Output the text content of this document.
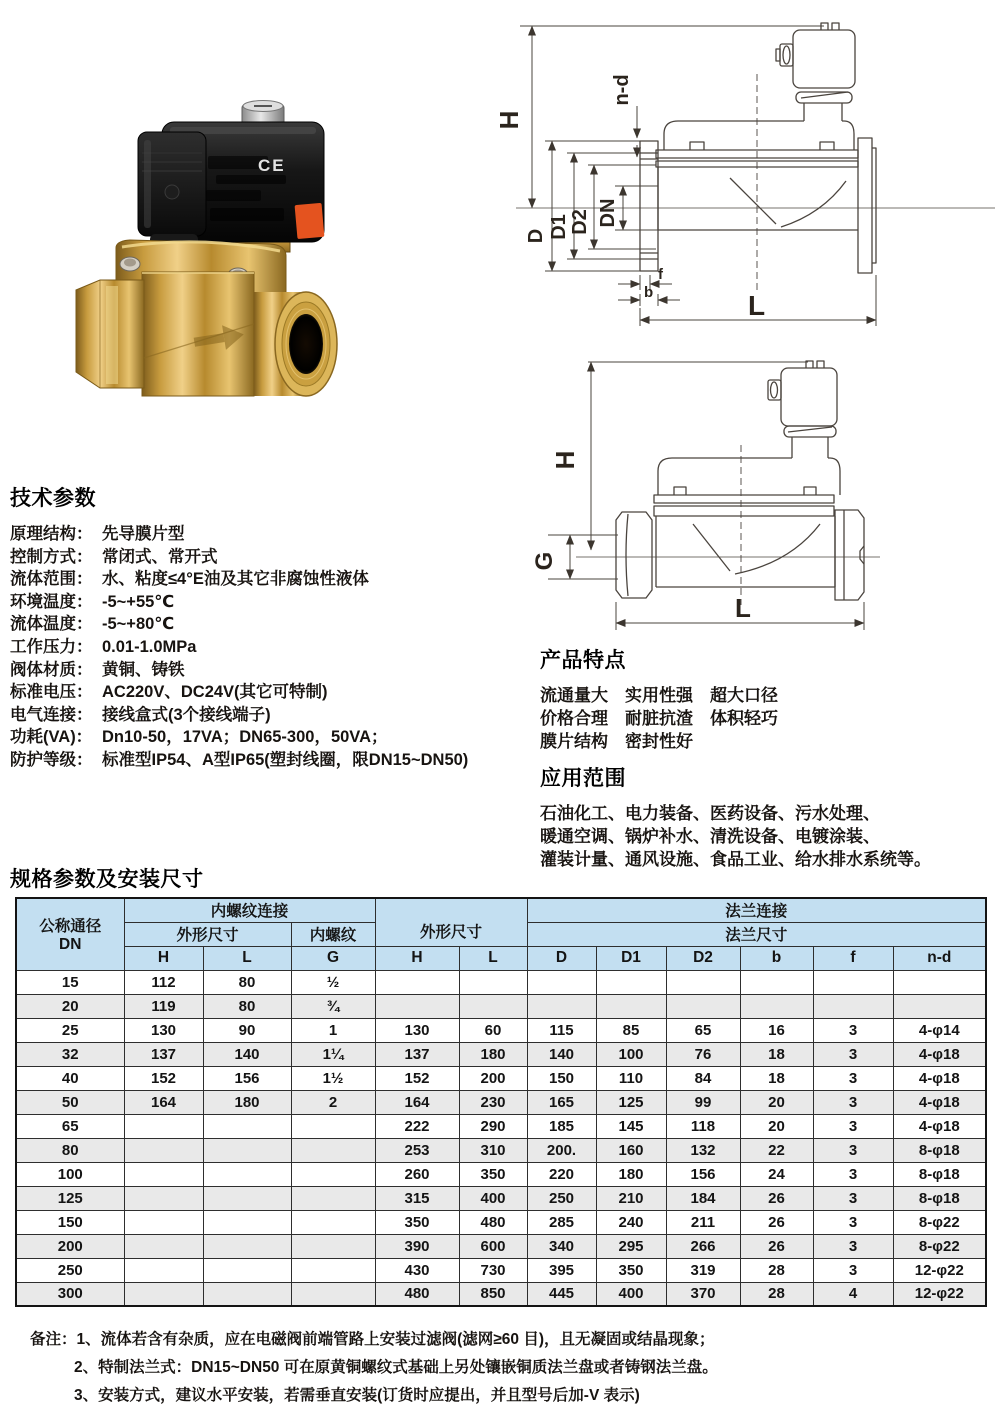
CE
H
n-d
D D1 D2 DN
f
b	L
H
G
L
技术参数
原理结构： 先导膜片型
控制方式： 常闭式、常开式
流体范围： 水、粘度≤4°E油及其它非腐蚀性液体
环境温度： -5~+55℃
流体温度： -5~+80℃
工作压力： 0.01-1.0MPa
阀体材质： 黄铜、铸铁
标准电压： AC220V、DC24V(其它可特制)
电气连接： 接线盒式(3个接线端子)
功耗(VA)： Dn10-50，17VA；DN65-300，50VA；
防护等级： 标准型IP54、A型IP65(塑封线圈，限DN15~DN50)
产品特点
流通量大　实用性强　超大口径
价格合理　耐脏抗渣　体积轻巧
膜片结构　密封性好
应用范围
石油化工、电力装备、医药设备、污水处理、
暖通空调、锅炉补水、清洗设备、电镀涂装、
灌装计量、通风设施、食品工业、给水排水系统等。
规格参数及安装尺寸
公称通径
DN	内螺纹连接			外形尺寸		法兰连接					
	外形尺寸		内螺纹			法兰尺寸					
	H	L	G	H	L	D	D1	D2	b	f	n-d
15	112	80	½								
20	119	80	¾								
25	130	90	1	130	60	115	85	65	16	3	4-φ14
32	137	140	1¼	137	180	140	100	76	18	3	4-φ18
40	152	156	1½	152	200	150	110	84	18	3	4-φ18
50	164	180	2	164	230	165	125	99	20	3	4-φ18
65				222	290	185	145	118	20	3	4-φ18
80				253	310	200.	160	132	22	3	8-φ18
100				260	350	220	180	156	24	3	8-φ18
125				315	400	250	210	184	26	3	8-φ18
150				350	480	285	240	211	26	3	8-φ22
200				390	600	340	295	266	26	3	8-φ22
250				430	730	395	350	319	28	3	12-φ22
300				480	850	445	400	370	28	4	12-φ22
备注：1、流体若含有杂质，应在电磁阀前端管路上安装过滤阀(滤网≥60 目)，且无凝固或结晶现象；
2、特制法兰式：DN15~DN50 可在原黄铜螺纹式基础上另处镶嵌铜质法兰盘或者铸钢法兰盘。
3、安装方式，建议水平安装，若需垂直安装(订货时应提出，并且型号后加-V 表示)
